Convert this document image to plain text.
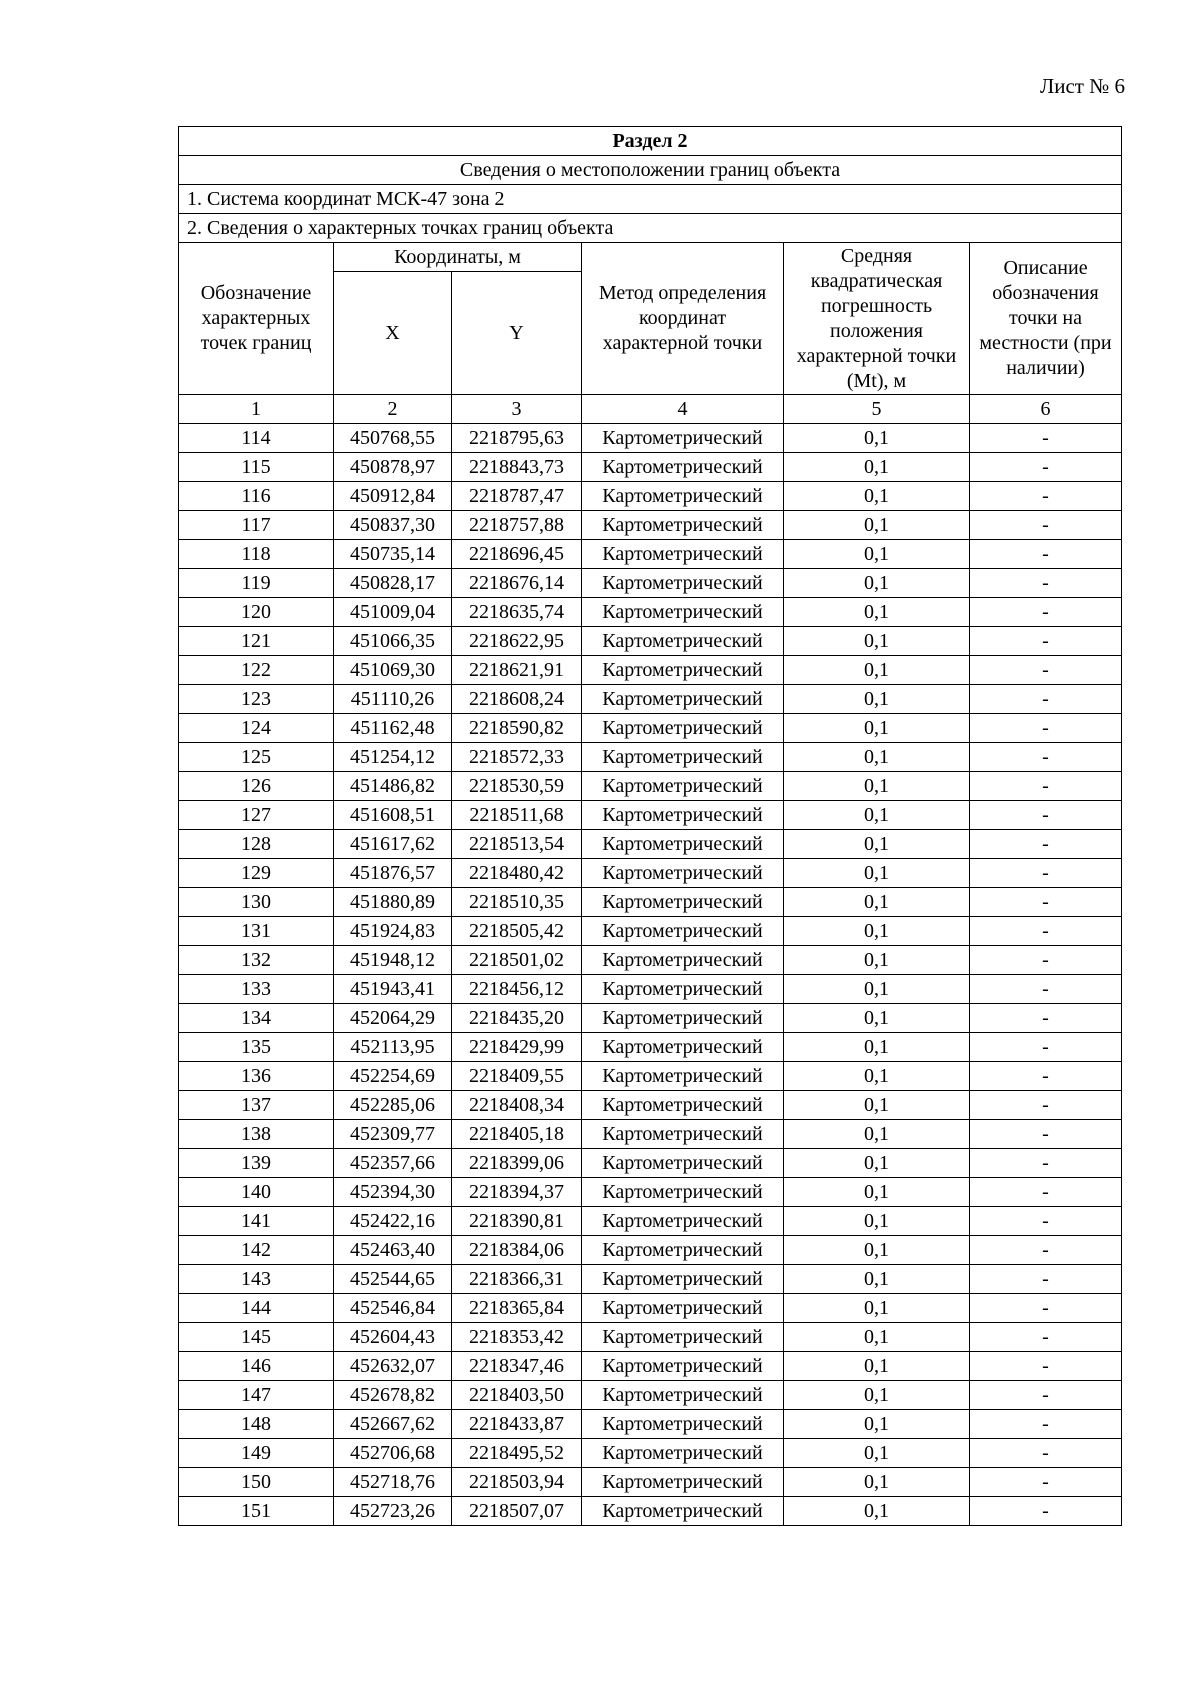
Лист № 6
Раздел 2					
Сведения о местоположении границ объекта					
1. Система координат МСК-47 зона 2					
2. Сведения о характерных точках границ объекта					
Обозначение характерных точек границ	Координаты, м		Метод определения координат характерной точки	Средняя квадратическая погрешность положения характерной точки (Mt), м	Описание обозначения точки на местности (при наличии)
	X	Y			
1	2	3	4	5	6
114	450768,55	2218795,63	Картометрический	0,1	-
115	450878,97	2218843,73	Картометрический	0,1	-
116	450912,84	2218787,47	Картометрический	0,1	-
117	450837,30	2218757,88	Картометрический	0,1	-
118	450735,14	2218696,45	Картометрический	0,1	-
119	450828,17	2218676,14	Картометрический	0,1	-
120	451009,04	2218635,74	Картометрический	0,1	-
121	451066,35	2218622,95	Картометрический	0,1	-
122	451069,30	2218621,91	Картометрический	0,1	-
123	451110,26	2218608,24	Картометрический	0,1	-
124	451162,48	2218590,82	Картометрический	0,1	-
125	451254,12	2218572,33	Картометрический	0,1	-
126	451486,82	2218530,59	Картометрический	0,1	-
127	451608,51	2218511,68	Картометрический	0,1	-
128	451617,62	2218513,54	Картометрический	0,1	-
129	451876,57	2218480,42	Картометрический	0,1	-
130	451880,89	2218510,35	Картометрический	0,1	-
131	451924,83	2218505,42	Картометрический	0,1	-
132	451948,12	2218501,02	Картометрический	0,1	-
133	451943,41	2218456,12	Картометрический	0,1	-
134	452064,29	2218435,20	Картометрический	0,1	-
135	452113,95	2218429,99	Картометрический	0,1	-
136	452254,69	2218409,55	Картометрический	0,1	-
137	452285,06	2218408,34	Картометрический	0,1	-
138	452309,77	2218405,18	Картометрический	0,1	-
139	452357,66	2218399,06	Картометрический	0,1	-
140	452394,30	2218394,37	Картометрический	0,1	-
141	452422,16	2218390,81	Картометрический	0,1	-
142	452463,40	2218384,06	Картометрический	0,1	-
143	452544,65	2218366,31	Картометрический	0,1	-
144	452546,84	2218365,84	Картометрический	0,1	-
145	452604,43	2218353,42	Картометрический	0,1	-
146	452632,07	2218347,46	Картометрический	0,1	-
147	452678,82	2218403,50	Картометрический	0,1	-
148	452667,62	2218433,87	Картометрический	0,1	-
149	452706,68	2218495,52	Картометрический	0,1	-
150	452718,76	2218503,94	Картометрический	0,1	-
151	452723,26	2218507,07	Картометрический	0,1	-
